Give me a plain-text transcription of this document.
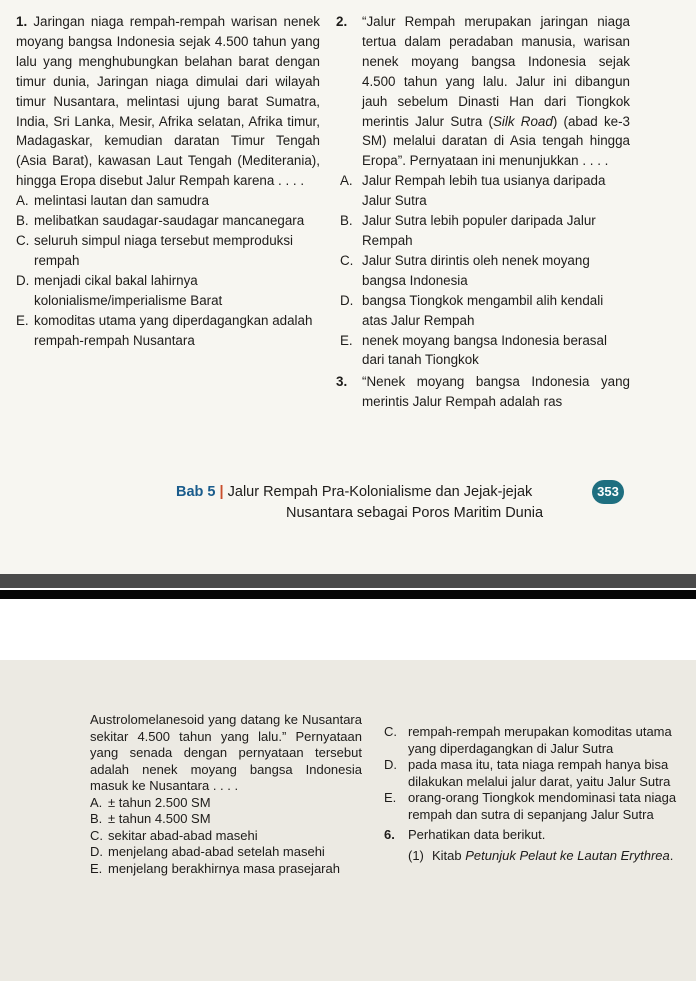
1. Jaringan niaga rempah-rempah warisan nenek moyang bangsa Indonesia sejak 4.500 tahun yang lalu yang menghubungkan belahan barat dengan timur dunia, Jaringan niaga dimulai dari wilayah timur Nusantara, melintasi ujung barat Sumatra, India, Sri Lanka, Mesir, Afrika selatan, Afrika timur, Madagaskar, kemudian daratan Timur Tengah (Asia Barat), kawasan Laut Tengah (Mediterania), hingga Eropa disebut Jalur Rempah karena . . . .

A. melintasi lautan dan samudra
B. melibatkan saudagar-saudagar mancanegara
C. seluruh simpul niaga tersebut memproduksi rempah
D. menjadi cikal bakal lahirnya kolonialisme/imperialisme Barat
E. komoditas utama yang diperdagangkan adalah rempah-rempah Nusantara

2.	“Jalur Rempah merupakan jaringan niaga tertua dalam peradaban manusia, warisan nenek moyang bangsa Indonesia sejak 4.500 tahun yang lalu. Jalur ini dibangun jauh sebelum Dinasti Han dari Tiongkok merintis Jalur Sutra (Silk Road) (abad ke-3 SM) melalui daratan di Asia tengah hingga Eropa”. Pernyataan ini menunjukkan . . . .

A. Jalur Rempah lebih tua usianya daripada Jalur Sutra
B. Jalur Sutra lebih populer daripada Jalur Rempah
C. Jalur Sutra dirintis oleh nenek moyang bangsa Indonesia
D. bangsa Tiongkok mengambil alih kendali atas Jalur Rempah
E. nenek moyang bangsa Indonesia berasal dari tanah Tiongkok

3.	“Nenek moyang bangsa Indonesia yang merintis Jalur Rempah adalah ras

Bab 5 | Jalur Rempah Pra-Kolonialisme dan Jejak-jejak
Nusantara sebagai Poros Maritim Dunia
353

Austrolomelanesoid yang datang ke Nusantara sekitar 4.500 tahun yang lalu.” Pernyataan yang senada dengan pernyataan tersebut adalah nenek moyang bangsa Indonesia masuk ke Nusantara . . . .

A. ± tahun 2.500 SM
B. ± tahun 4.500 SM
C. sekitar abad-abad masehi
D. menjelang abad-abad setelah masehi
E. menjelang berakhirnya masa prasejarah
C. rempah-rempah merupakan komoditas utama yang diperdagangkan di Jalur Sutra
D. pada masa itu, tata niaga rempah hanya bisa dilakukan melalui jalur darat, yaitu Jalur Sutra
E. orang-orang Tiongkok mendominasi tata niaga rempah dan sutra di sepanjang Jalur Sutra

6.	Perhatikan data berikut.

(1) Kitab Petunjuk Pelaut ke Lautan Erythrea.
